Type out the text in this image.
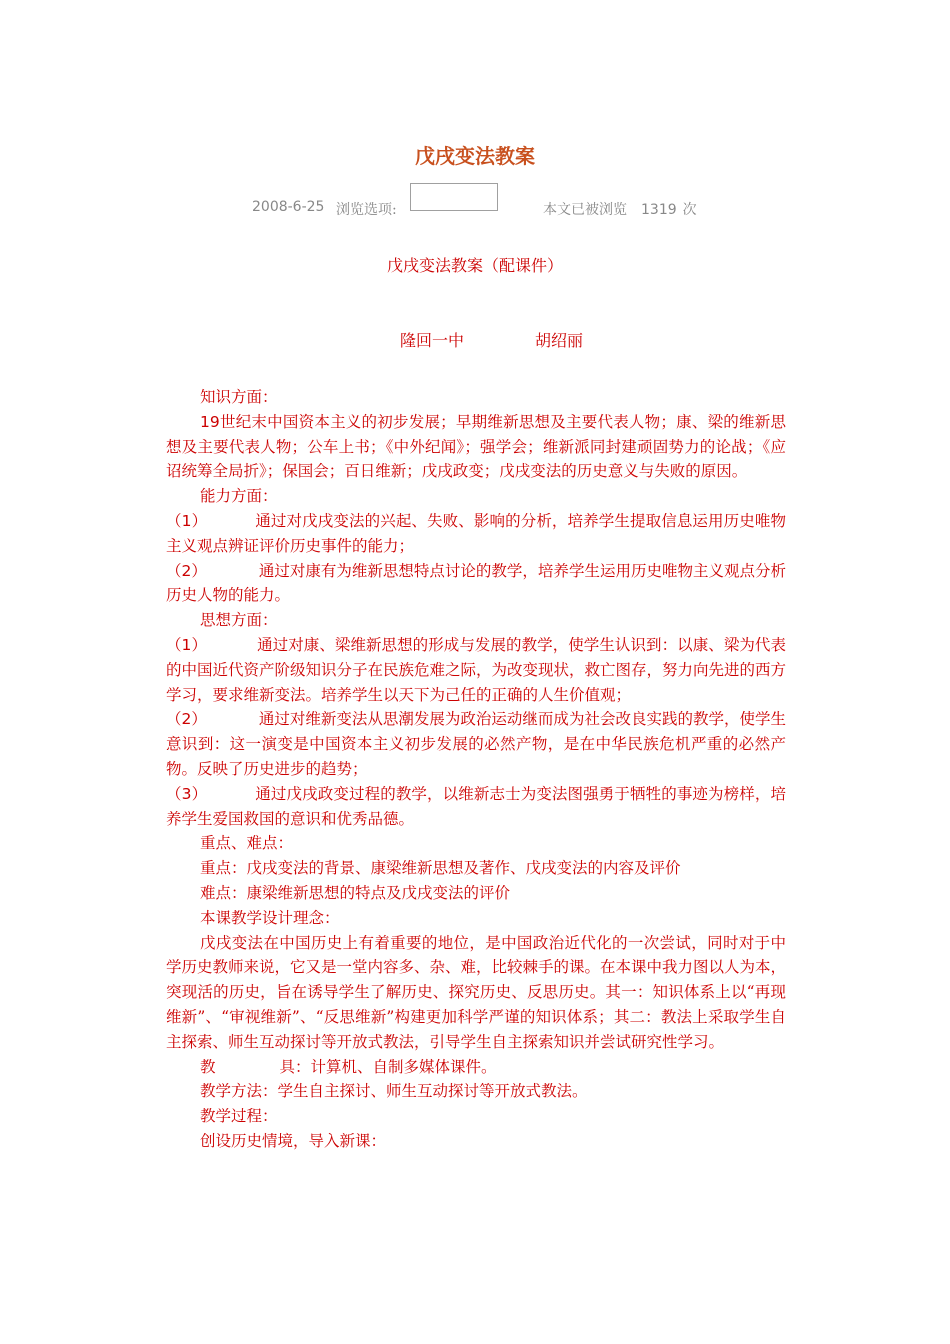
戊戌变法教案
2008-6-25 浏览选项:	本文已被浏览 1319 次
戊戌变法教案（配课件）
隆回一中	胡绍丽

知识方面：

19世纪末中国资本主义的初步发展；早期维新思想及主要代表人物；康、梁的维新思想及主要代表人物；公车上书；《中外纪闻》；强学会；维新派同封建顽固势力的论战；《应诏统筹全局折》；保国会；百日维新；戊戌政变；戊戌变法的历史意义与失败的原因。

能力方面：

（1）	通过对戊戌变法的兴起、失败、影响的分析，培养学生提取信息运用历史唯物主义观点辨证评价历史事件的能力；

（2）	通过对康有为维新思想特点讨论的教学，培养学生运用历史唯物主义观点分析历史人物的能力。

思想方面：

（1）	通过对康、梁维新思想的形成与发展的教学，使学生认识到：以康、梁为代表的中国近代资产阶级知识分子在民族危难之际，为改变现状，救亡图存，努力向先进的西方学习，要求维新变法。培养学生以天下为己任的正确的人生价值观；

（2）	通过对维新变法从思潮发展为政治运动继而成为社会改良实践的教学，使学生意识到：这一演变是中国资本主义初步发展的必然产物，是在中华民族危机严重的必然产物。反映了历史进步的趋势；

（3）	通过戊戌政变过程的教学，以维新志士为变法图强勇于牺牲的事迹为榜样，培养学生爱国救国的意识和优秀品德。

重点、难点：

重点：戊戌变法的背景、康梁维新思想及著作、戊戌变法的内容及评价

难点：康梁维新思想的特点及戊戌变法的评价

本课教学设计理念：

戊戌变法在中国历史上有着重要的地位，是中国政治近代化的一次尝试，同时对于中学历史教师来说，它又是一堂内容多、杂、难，比较棘手的课。在本课中我力图以人为本，突现活的历史，旨在诱导学生了解历史、探究历史、反思历史。其一：知识体系上以“再现维新”、“审视维新”、“反思维新”构建更加科学严谨的知识体系；其二：教法上采取学生自主探索、师生互动探讨等开放式教法，引导学生自主探索知识并尝试研究性学习。

教	具：计算机、自制多媒体课件。

教学方法：学生自主探讨、师生互动探讨等开放式教法。

教学过程：

创设历史情境，导入新课：
